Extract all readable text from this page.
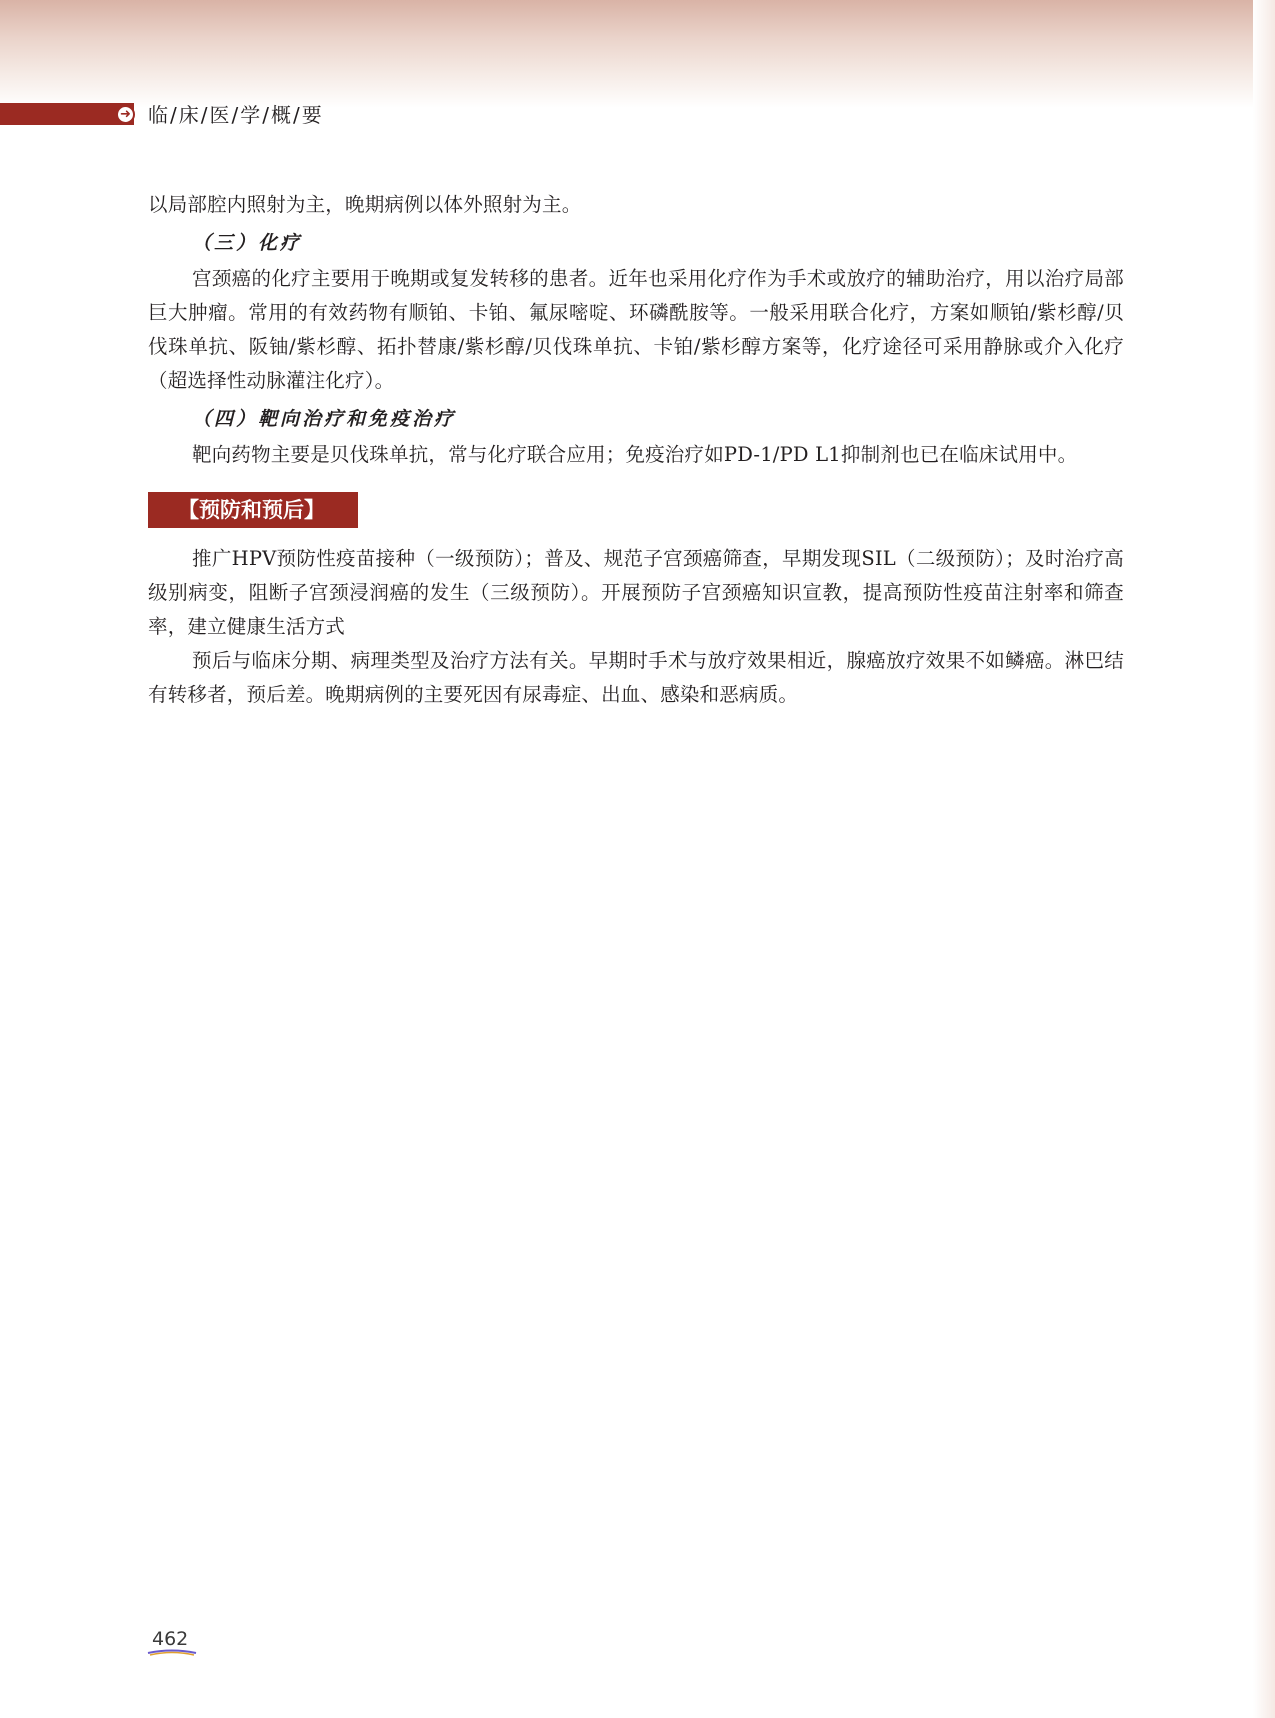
➜ 临/床/医/学/概/要

以局部腔内照射为主，晚期病例以体外照射为主。

（三）化疗

宫颈癌的化疗主要用于晚期或复发转移的患者。近年也采用化疗作为手术或放疗的辅助治疗，用以治疗局部巨大肿瘤。常用的有效药物有顺铂、卡铂、氟尿嘧啶、环磷酰胺等。一般采用联合化疗，方案如顺铂/紫杉醇/贝伐珠单抗、阪铀/紫杉醇、拓扑替康/紫杉醇/贝伐珠单抗、卡铂/紫杉醇方案等，化疗途径可采用静脉或介入化疗（超选择性动脉灌注化疗）。

（四）靶向治疗和免疫治疗

靶向药物主要是贝伐珠单抗，常与化疗联合应用；免疫治疗如PD-1/PD L1抑制剂也已在临床试用中。

【预防和预后】

推广HPV预防性疫苗接种（一级预防）；普及、规范子宫颈癌筛查，早期发现SIL（二级预防）；及时治疗高级别病变，阻断子宫颈浸润癌的发生（三级预防）。开展预防子宫颈癌知识宣教，提高预防性疫苗注射率和筛查率，建立健康生活方式

预后与临床分期、病理类型及治疗方法有关。早期时手术与放疗效果相近，腺癌放疗效果不如鳞癌。淋巴结有转移者，预后差。晚期病例的主要死因有尿毒症、出血、感染和恶病质。

462
